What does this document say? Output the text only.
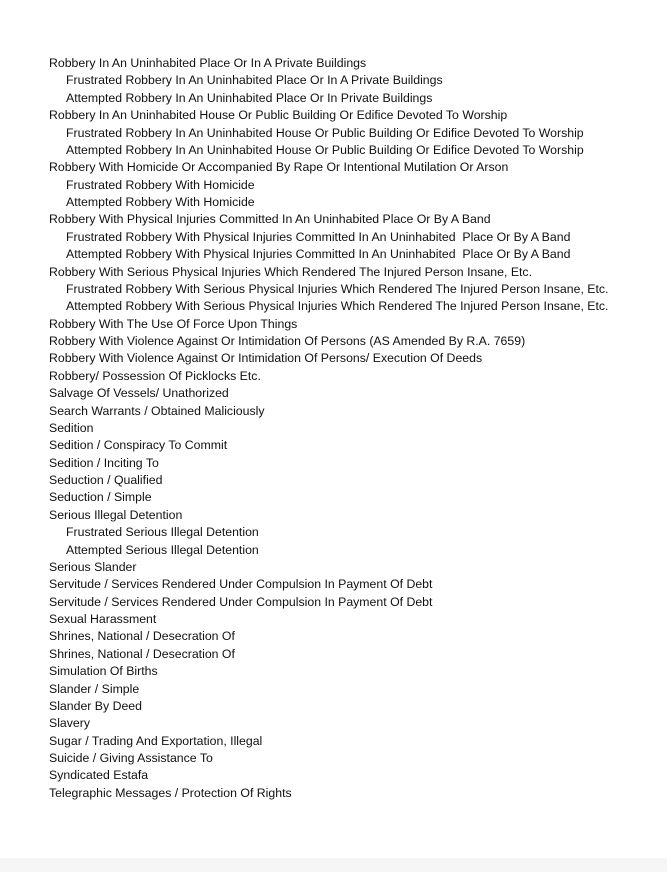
Robbery In An Uninhabited Place Or In A Private Buildings
Frustrated Robbery In An Uninhabited Place Or In A Private Buildings
Attempted Robbery In An Uninhabited Place Or In Private Buildings
Robbery In An Uninhabited House Or Public Building Or Edifice Devoted To Worship
Frustrated Robbery In An Uninhabited House Or Public Building Or Edifice Devoted To Worship
Attempted Robbery In An Uninhabited House Or Public Building Or Edifice Devoted To Worship
Robbery With Homicide Or Accompanied By Rape Or Intentional Mutilation Or Arson
Frustrated Robbery With Homicide
Attempted Robbery With Homicide
Robbery With Physical Injuries Committed In An Uninhabited Place Or By A Band
Frustrated Robbery With Physical Injuries Committed In An Uninhabited  Place Or By A Band
Attempted Robbery With Physical Injuries Committed In An Uninhabited  Place Or By A Band
Robbery With Serious Physical Injuries Which Rendered The Injured Person Insane, Etc.
Frustrated Robbery With Serious Physical Injuries Which Rendered The Injured Person Insane, Etc.
Attempted Robbery With Serious Physical Injuries Which Rendered The Injured Person Insane, Etc.
Robbery With The Use Of Force Upon Things
Robbery With Violence Against Or Intimidation Of Persons (AS Amended By R.A. 7659)
Robbery With Violence Against Or Intimidation Of Persons/ Execution Of Deeds
Robbery/ Possession Of Picklocks Etc.
Salvage Of Vessels/ Unathorized
Search Warrants / Obtained Maliciously
Sedition
Sedition / Conspiracy To Commit
Sedition / Inciting To
Seduction / Qualified
Seduction / Simple
Serious Illegal Detention
Frustrated Serious Illegal Detention
Attempted Serious Illegal Detention
Serious Slander
Servitude / Services Rendered Under Compulsion In Payment Of Debt
Servitude / Services Rendered Under Compulsion In Payment Of Debt
Sexual Harassment
Shrines, National / Desecration Of
Shrines, National / Desecration Of
Simulation Of Births
Slander / Simple
Slander By Deed
Slavery
Sugar / Trading And Exportation, Illegal
Suicide / Giving Assistance To
Syndicated Estafa
Telegraphic Messages / Protection Of Rights
